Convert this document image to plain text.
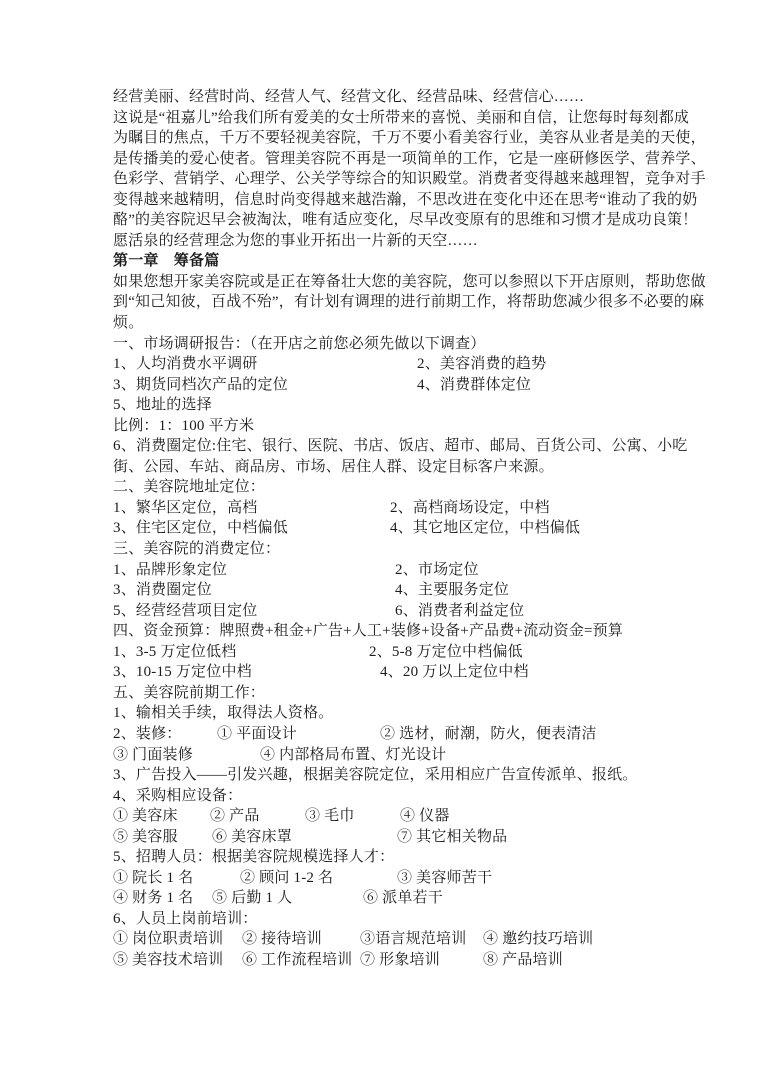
经营美丽、经营时尚、经营人气、经营文化、经营品味、经营信心……
这说是“祖嘉儿”给我们所有爱美的女士所带来的喜悦、美丽和自信，让您每时每刻都成
为瞩目的焦点，千万不要轻视美容院，千万不要小看美容行业，美容从业者是美的天使，
是传播美的爱心使者。管理美容院不再是一项简单的工作，它是一座研修医学、营养学、
色彩学、营销学、心理学、公关学等综合的知识殿堂。消费者变得越来越理智，竞争对手
变得越来越精明，信息时尚变得越来越浩瀚，不思改进在变化中还在思考“谁动了我的奶
酪”的美容院迟早会被淘汰，唯有适应变化，尽早改变原有的思维和习惯才是成功良策！
愿活泉的经营理念为您的事业开拓出一片新的天空……
第一章　筹备篇
如果您想开家美容院或是正在筹备壮大您的美容院，您可以参照以下开店原则，帮助您做
到“知己知彼，百战不殆”，有计划有调理的进行前期工作，将帮助您减少很多不必要的麻
烦。
一、市场调研报告：（在开店之前您必须先做以下调查）
1、人均消费水平调研	2、美容消费的趋势
3、期货同档次产品的定位	4、消费群体定位
5、地址的选择
比例：1：100 平方米
6、消费圈定位:住宅、银行、医院、书店、饭店、超市、邮局、百货公司、公寓、小吃
街、公园、车站、商品房、市场、居住人群、设定目标客户来源。
二、美容院地址定位：
1、繁华区定位，高档	2、高档商场设定，中档
3、住宅区定位，中档偏低	4、其它地区定位，中档偏低
三、美容院的消费定位：
1、品牌形象定位	2、市场定位
3、消费圈定位	4、主要服务定位
5、经营经营项目定位	6、消费者利益定位
四、资金预算：牌照费+租金+广告+人工+装修+设备+产品费+流动资金=预算
1、3-5 万定位低档	2、5-8 万定位中档偏低
3、10-15 万定位中档	4、20 万以上定位中档
五、美容院前期工作：
1、输相关手续，取得法人资格。
2、装修： ① 平面设计	② 选材，耐潮，防火，便表清洁
③ 门面装修	④ 内部格局布置、灯光设计
3、广告投入——引发兴趣，根据美容院定位，采用相应广告宣传派单、报纸。
4、采购相应设备：
① 美容床 ② 产品	③ 毛巾	④ 仪器
⑤ 美容服 ⑥ 美容床罩	⑦ 其它相关物品
5、招聘人员：根据美容院规模选择人才：
① 院长 1 名	② 顾问 1-2 名	③ 美容师苦干
④ 财务 1 名 ⑤ 后勤 1 人	⑥ 派单若干
6、人员上岗前培训：
① 岗位职责培训 ② 接待培训	③语言规范培训 ④ 邀约技巧培训
⑤ 美容技术培训 ⑥ 工作流程培训 ⑦ 形象培训	⑧ 产品培训
